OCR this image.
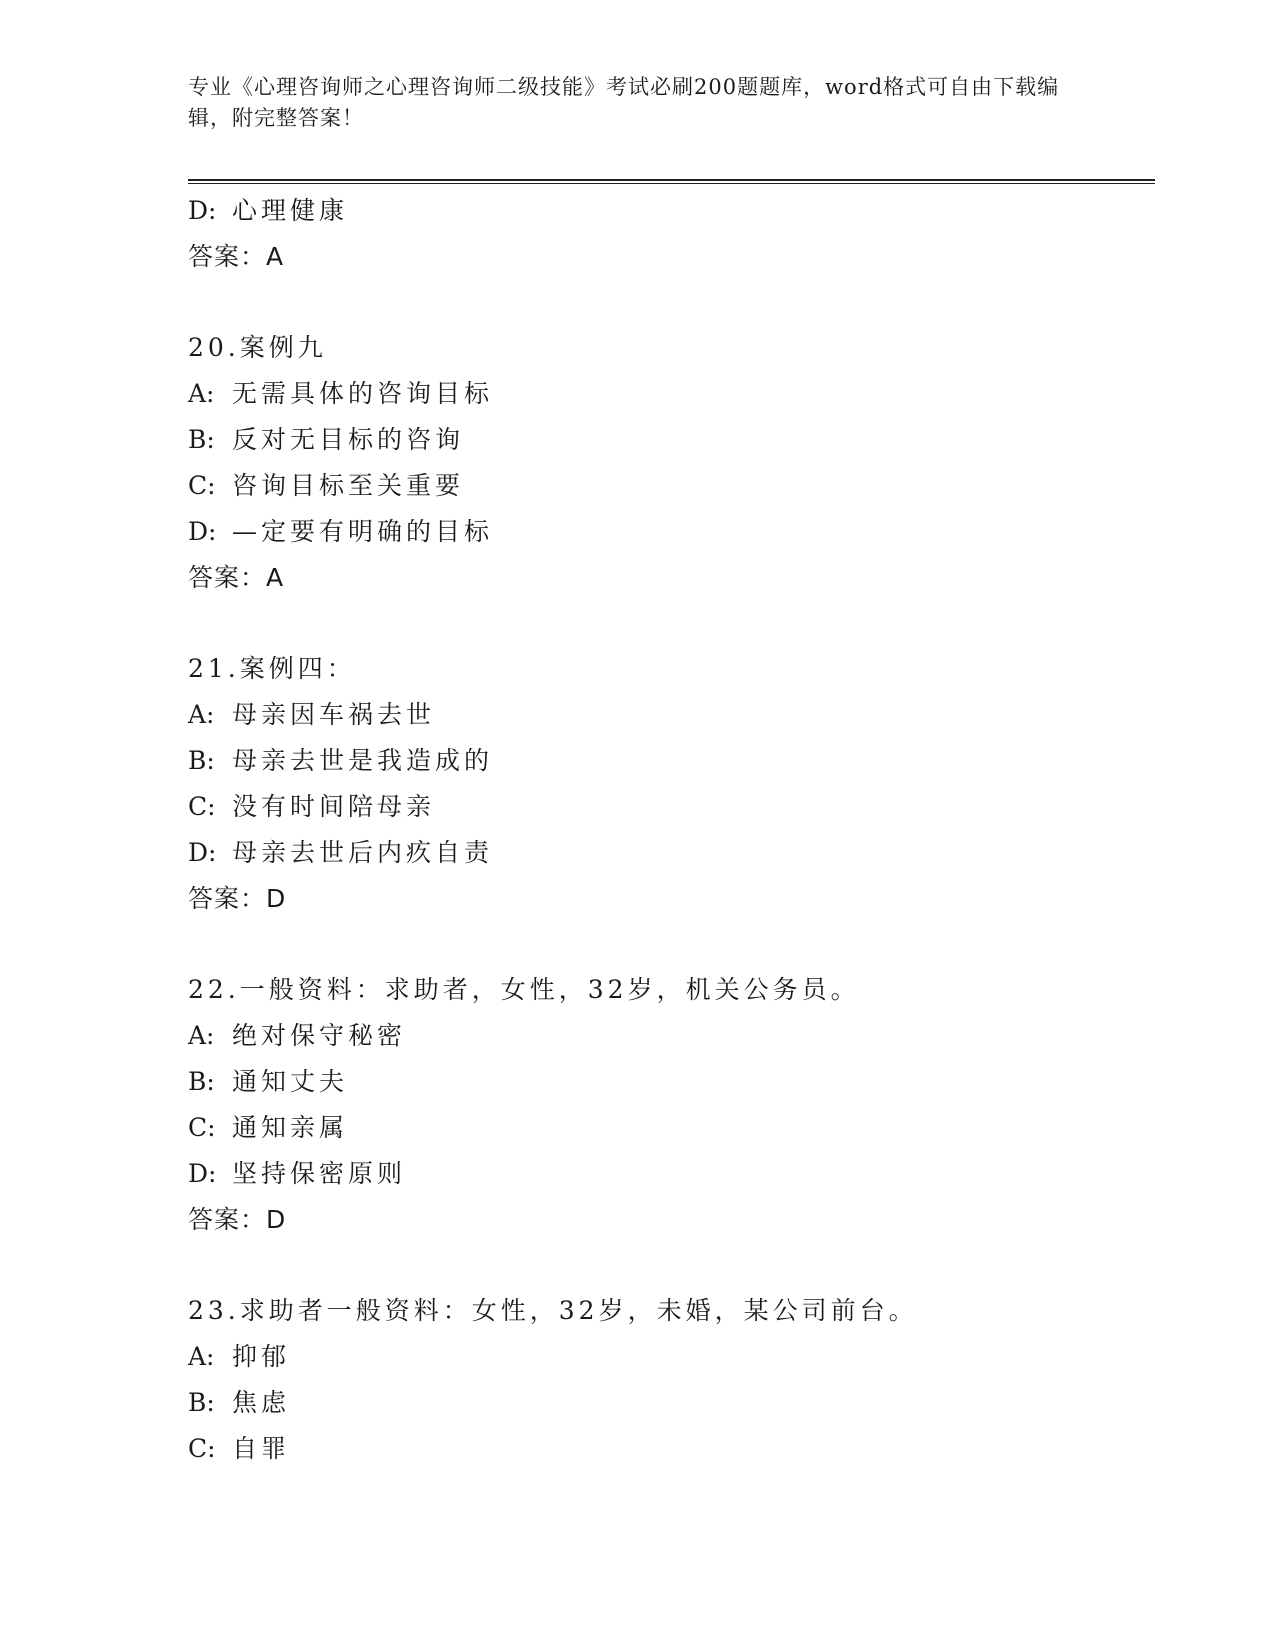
专业《心理咨询师之心理咨询师二级技能》考试必刷200题题库，word格式可自由下载编辑，附完整答案！
D: 心理健康
答案：A
20.案例九
A: 无需具体的咨询目标
B: 反对无目标的咨询
C: 咨询目标至关重要
D: —定要有明确的目标
答案：A
21.案例四：
A: 母亲因车祸去世
B: 母亲去世是我造成的
C: 没有时间陪母亲
D: 母亲去世后内疚自责
答案：D
22.一般资料：求助者，女性，32岁，机关公务员。
A: 绝对保守秘密
B: 通知丈夫
C: 通知亲属
D: 坚持保密原则
答案：D
23.求助者一般资料：女性，32岁，未婚，某公司前台。
A: 抑郁
B: 焦虑
C: 自罪
